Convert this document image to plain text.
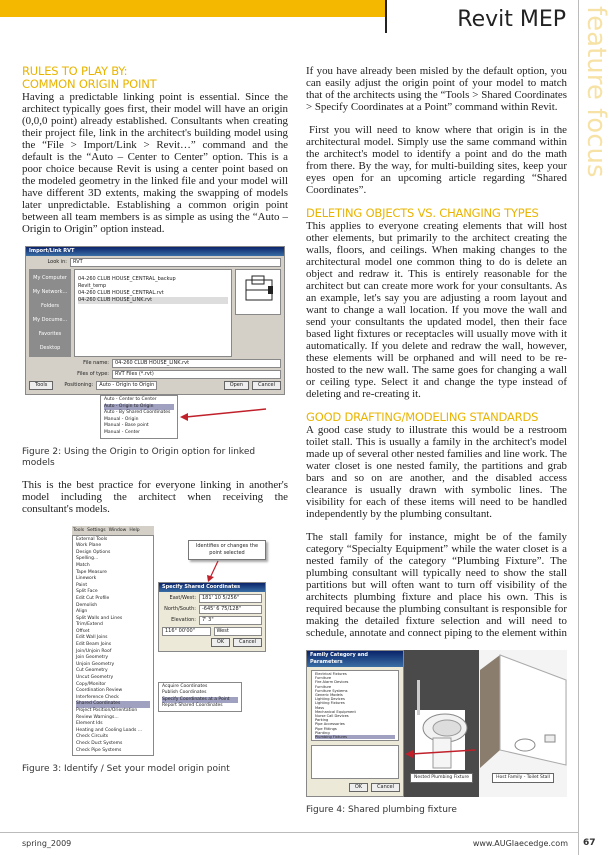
Revit MEP feature focus
RULES TO PLAY BY:
COMMON ORIGIN POINT

Having a predictable linking point is essential. Since the architect typically goes first, their model will have an origin (0,0,0 point) already established. Consultants when creating their project file, link in the architect's building model using the “File > Import/Link > Revit…” command and the default is the “Auto – Center to Center” option. This is a poor choice because Revit is using a center point based on the modeled geometry in the linked file and your model will have different 3D extents, making the swapping of models later unpredictable. Establishing a common origin point between all team members is as simple as using the “Auto – Origin to Origin” option instead.

Import/Link RVT
Look in:	RVT
My Computer
My Network...
Folders
My Docume...
Favorites
Desktop
04-260 CLUB HOUSE_CENTRAL_backup
Revit_temp
04-260 CLUB HOUSE_CENTRAL.rvt
04-260 CLUB HOUSE_LINK.rvt
File name:	04-260 CLUB HOUSE_LINK.rvt
Files of type:	RVT Files (*.rvt)
Tools	Positioning:	Auto - Origin to Origin	Open	Cancel
Auto - Center to Center
Auto - Origin to Origin
Auto - By Shared Coordinates
Manual - Origin
Manual - Base point
Manual - Center
Figure 2: Using the Origin to Origin option for linked models

This is the best practice for everyone linking in another's model including the architect when receiving the consultant's models.

Tools Settings Window Help
External Tools
Work Plane
Design Options
Spelling...
Match
Tape Measure
Linework
Paint
Split Face
Edit Cut Profile
Demolish
Align
Split Walls and Lines
Trim/Extend
Offset
Edit Wall Joins
Edit Beam Joins
Join/Unjoin Roof
Join Geometry
Unjoin Geometry
Cut Geometry
Uncut Geometry
Copy/Monitor
Coordination Review
Interference Check
Shared Coordinates
Project Position/Orientation
Review Warnings...
Element Ids
Heating and Cooling Loads ...
Check Circuits
Check Duct Systems
Check Pipe Systems
Identifies or changes the point selected
Specify Shared Coordinates
East/West:	181' 10 5/256"
North/South:	-645' 6 75/128"
Elevation:	7' 3"
116° 00'00"	West
OK	Cancel
Acquire Coordinates
Publish Coordinates
Specify Coordinates at a Point
Report Shared Coordinates
Figure 3: Identify / Set your model origin point

If you have already been misled by the default option, you can easily adjust the origin point of your model to match that of the architects using the “Tools > Shared Coordinates > Specify Coordinates at a Point” command within Revit.

First you will need to know where that origin is in the architectural model. Simply use the same command within the architect's model to identify a point and do the math from there. By the way, for multi-building sites, keep your eyes open for an upcoming article regarding “Shared Coordinates”.

DELETING OBJECTS VS. CHANGING TYPES

This applies to everyone creating elements that will host other elements, but primarily to the architect creating the walls, floors, and ceilings. When making changes to the architectural model one common thing to do is delete an object and redraw it. This is entirely reasonable for the architect but can create more work for your consultants. As an example, let's say you are adjusting a room layout and want to change a wall location. If you move the wall and send your consultants the updated model, then their face based light fixtures or receptacles will usually move with it automatically. If you delete and redraw the wall, however, these elements will be orphaned and will need to be re-hosted to the new wall. The same goes for changing a wall or ceiling type. Select it and change the type instead of deleting and re-creating it.

GOOD DRAFTING/MODELING STANDARDS

A good case study to illustrate this would be a restroom toilet stall. This is usually a family in the architect's model made up of several other nested families and line work. The water closet is one nested family, the partitions and grab bars and so on are another, and the disabled access clearance is usually drawn with symbolic lines. The visibility for each of these items will need to be handled independently by the plumbing consultant.

The stall family for instance, might be of the family category “Specialty Equipment” while the water closet is a nested family of the category “Plumbing Fixture”. The plumbing consultant will typically need to show the stall partitions but will often want to turn off visibility of the architects plumbing fixture and place his own. This is required because the plumbing consultant is responsible for making the detailed fixture selection and will need to schedule, annotate and connect piping to the element within

Family Category and Parameters
Electrical Fixtures
Furniture
Fire Alarm Devices
Furniture
Furniture Systems
Generic Models
Lighting Devices
Lighting Fixtures
Mass
Mechanical Equipment
Nurse Call Devices
Parking
Pipe Accessories
Pipe Fittings
Planting
Plumbing Fixtures
OK	Cancel
Nested Plumbing Fixture	Host Family - Toilet Stall
Figure 4: Shared plumbing fixture
spring_2009	www.AUGIaecedge.com 67
